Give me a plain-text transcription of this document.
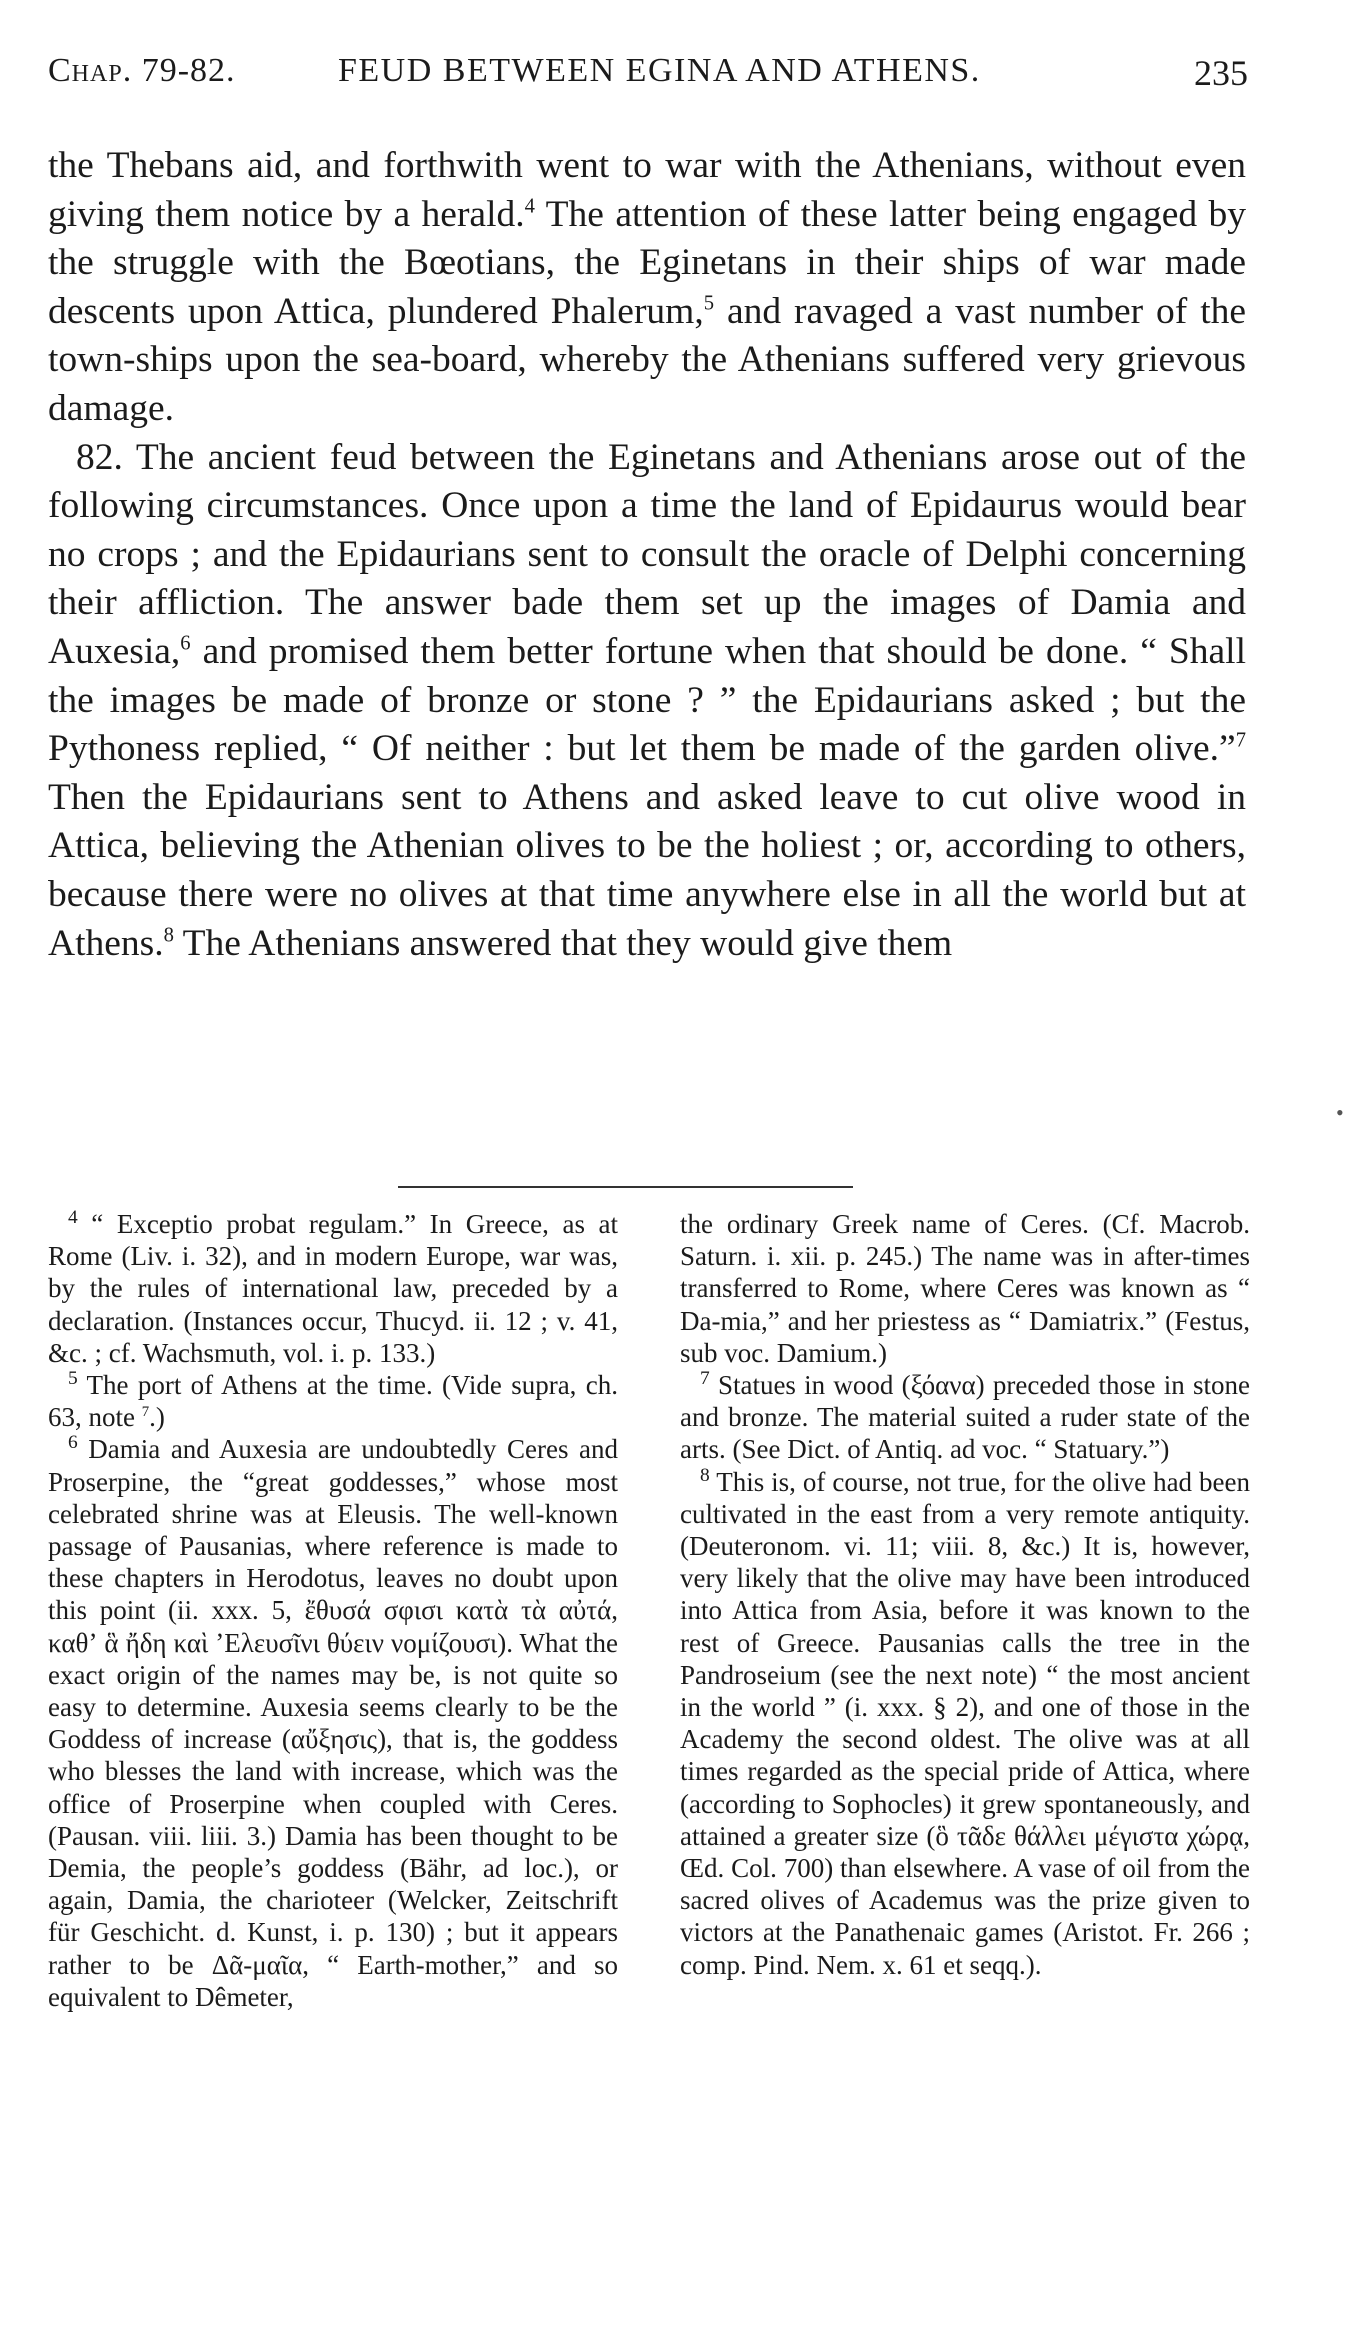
Chap. 79-82.	FEUD BETWEEN EGINA AND ATHENS.	235

the Thebans aid, and forthwith went to war with the Athenians, without even giving them notice by a herald.$^4$ The attention of these latter being engaged by the struggle with the Bœotians, the Eginetans in their ships of war made descents upon Attica, plundered Phalerum,$^5$ and ravaged a vast number of the town-ships upon the sea-board, whereby the Athenians suffered very grievous damage.

82. The ancient feud between the Eginetans and Athenians arose out of the following circumstances. Once upon a time the land of Epidaurus would bear no crops ; and the Epidaurians sent to consult the oracle of Delphi concerning their affliction. The answer bade them set up the images of Damia and Auxesia,$^6$ and promised them better fortune when that should be done. “ Shall the images be made of bronze or stone ? ” the Epidaurians asked ; but the Pythoness replied, “ Of neither : but let them be made of the garden olive.”$^7$ Then the Epidaurians sent to Athens and asked leave to cut olive wood in Attica, believing the Athenian olives to be the holiest ; or, according to others, because there were no olives at that time anywhere else in all the world but at Athens.$^8$ The Athenians answered that they would give them

•

$^4$ “ Exceptio probat regulam.” In Greece, as at Rome (Liv. i. 32), and in modern Europe, war was, by the rules of international law, preceded by a declaration. (Instances occur, Thucyd. ii. 12 ; v. 41, &c. ; cf. Wachsmuth, vol. i. p. 133.)

$^5$ The port of Athens at the time. (Vide supra, ch. 63, note $^7$.)

$^6$ Damia and Auxesia are undoubtedly Ceres and Proserpine, the “great goddesses,” whose most celebrated shrine was at Eleusis. The well-known passage of Pausanias, where reference is made to these chapters in Herodotus, leaves no doubt upon this point (ii. xxx. 5, ἔθυσά σφισι κατὰ τὰ αὐτά, καθʼ ἃ ἤδη καὶ ʼΕλευσῖνι θύειν νομίζουσι). What the exact origin of the names may be, is not quite so easy to determine. Auxesia seems clearly to be the Goddess of increase (αὔξησις), that is, the goddess who blesses the land with increase, which was the office of Proserpine when coupled with Ceres. (Pausan. viii. liii. 3.) Damia has been thought to be Demia, the people’s goddess (Bähr, ad loc.), or again, Damia, the charioteer (Welcker, Zeitschrift für Geschicht. d. Kunst, i. p. 130) ; but it appears rather to be Δᾶ-μαῖα, “ Earth-mother,” and so equivalent to Dêmeter,

the ordinary Greek name of Ceres. (Cf. Macrob. Saturn. i. xii. p. 245.) The name was in after-times transferred to Rome, where Ceres was known as “ Da-mia,” and her priestess as “ Damiatrix.” (Festus, sub voc. Damium.)

$^7$ Statues in wood (ξόανα) preceded those in stone and bronze. The material suited a ruder state of the arts. (See Dict. of Antiq. ad voc. “ Statuary.”)

$^8$ This is, of course, not true, for the olive had been cultivated in the east from a very remote antiquity. (Deuteronom. vi. 11; viii. 8, &c.) It is, however, very likely that the olive may have been introduced into Attica from Asia, before it was known to the rest of Greece. Pausanias calls the tree in the Pandroseium (see the next note) “ the most ancient in the world ” (i. xxx. § 2), and one of those in the Academy the second oldest. The olive was at all times regarded as the special pride of Attica, where (according to Sophocles) it grew spontaneously, and attained a greater size (ὃ τᾶδε θάλλει μέγιστα χώρᾳ, Œd. Col. 700) than elsewhere. A vase of oil from the sacred olives of Academus was the prize given to victors at the Panathenaic games (Aristot. Fr. 266 ; comp. Pind. Nem. x. 61 et seqq.).
